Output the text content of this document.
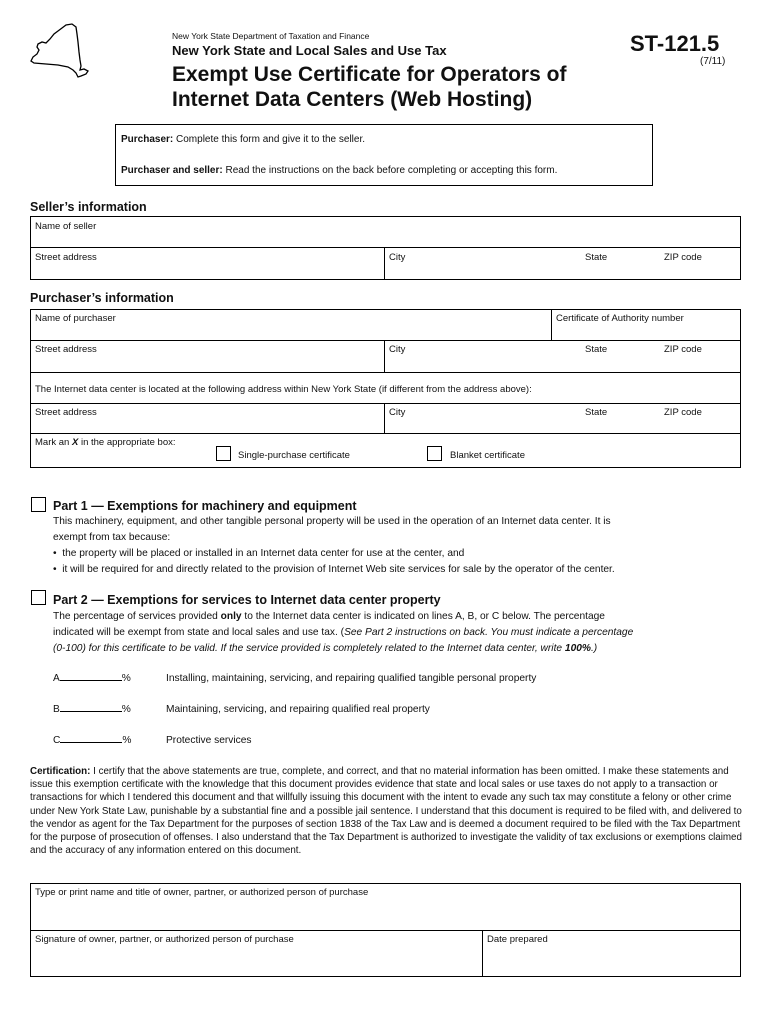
New York State Department of Taxation and Finance
New York State and Local Sales and Use Tax
Exempt Use Certificate for Operators of
Internet Data Centers (Web Hosting)
ST-121.5
(7/11)
Purchaser: Complete this form and give it to the seller.
Purchaser and seller: Read the instructions on the back before completing or accepting this form.
Seller’s information
Name of seller
Street address	City	State	ZIP code
Purchaser’s information
Name of purchaser	Certificate of Authority number
Street address	City	State	ZIP code
The Internet data center is located at the following address within New York State (if different from the address above):
Street address	City	State	ZIP code
Mark an X in the appropriate box:
Single-purchase certificate	Blanket certificate
Part 1 — Exemptions for machinery and equipment
This machinery, equipment, and other tangible personal property will be used in the operation of an Internet data center. It is
exempt from tax because:
•  the property will be placed or installed in an Internet data center for use at the center, and
•  it will be required for and directly related to the provision of Internet Web site services for sale by the operator of the center.
Part 2 — Exemptions for services to Internet data center property
The percentage of services provided only to the Internet data center is indicated on lines A, B, or C below. The percentage
indicated will be exempt from state and local sales and use tax. (See Part 2 instructions on back. You must indicate a percentage
(0-100) for this certificate to be valid. If the service provided is completely related to the Internet data center, write 100%.)
A	%	Installing, maintaining, servicing, and repairing qualified tangible personal property
B	%	Maintaining, servicing, and repairing qualified real property
C	%	Protective services
Certification: I certify that the above statements are true, complete, and correct, and that no material information has been omitted. I make these statements and issue this exemption certificate with the knowledge that this document provides evidence that state and local sales or use taxes do not apply to a transaction or transactions for which I tendered this document and that willfully issuing this document with the intent to evade any such tax may constitute a felony or other crime under New York State Law, punishable by a substantial fine and a possible jail sentence. I understand that this document is required to be filed with, and delivered to the vendor as agent for the Tax Department for the purposes of section 1838 of the Tax Law and is deemed a document required to be filed with the Tax Department for the purpose of prosecution of offenses. I also understand that the Tax Department is authorized to investigate the validity of tax exclusions or exemptions claimed and the accuracy of any information entered on this document.
Type or print name and title of owner, partner, or authorized person of purchase
Signature of owner, partner, or authorized person of purchase	Date prepared
